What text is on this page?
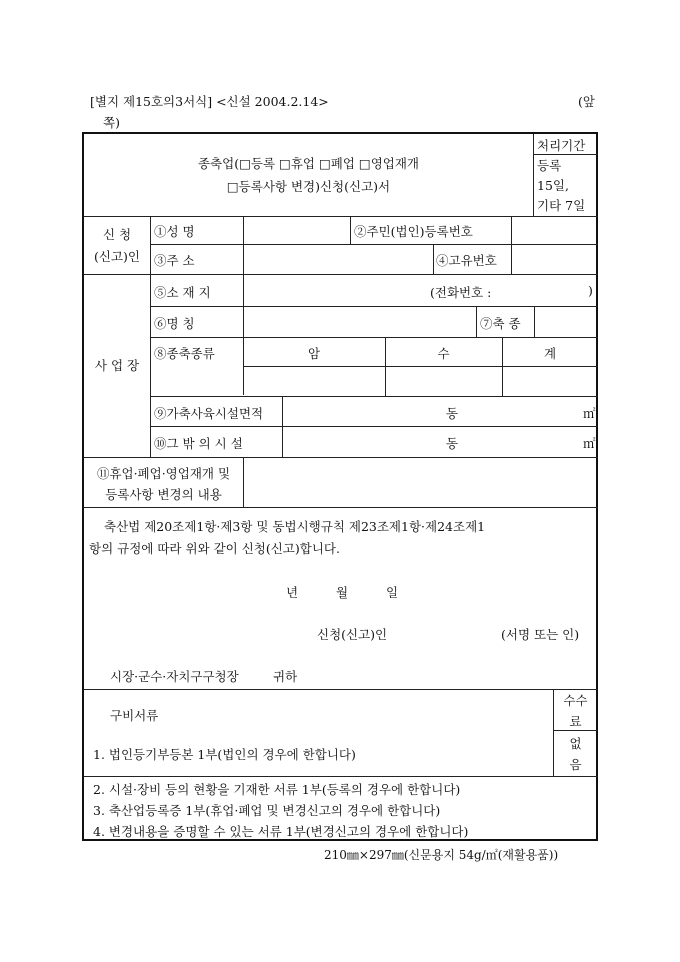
[별지 제15호의3서식] <신설 2004.2.14>	(앞
쪽)
종축업(□등록 □휴업 □폐업 □영업재개
□등록사항 변경)신청(신고)서
처리기간
등록
15일,
기타 7일
신 청
(신고)인
①성 명	②주민(법인)등록번호
③주 소	④고유번호
사 업 장
⑤소 재 지	(전화번호 :	)
⑥명 칭	⑦축 종
⑧종축종류	암	수	계
⑨가축사육시설면적	동	㎡
⑩그 밖 의 시 설	동	㎡
⑪휴업·폐업·영업재개 및
등록사항 변경의 내용
축산법 제20조제1항·제3항 및 동법시행규칙 제23조제1항·제24조제1
항의 규정에 따라 위와 같이 신청(신고)합니다.
년	월	일
신청(신고)인	(서명 또는 인)
시장·군수·자치구구청장	귀하
구비서류
수수
료
없
음
1. 법인등기부등본 1부(법인의 경우에 한합니다)
2. 시설·장비 등의 현황을 기재한 서류 1부(등록의 경우에 한합니다)
3. 축산업등록증 1부(휴업·폐업 및 변경신고의 경우에 한합니다)
4. 변경내용을 증명할 수 있는 서류 1부(변경신고의 경우에 한합니다)
210㎜×297㎜(신문용지 54g/㎡(재활용품))
